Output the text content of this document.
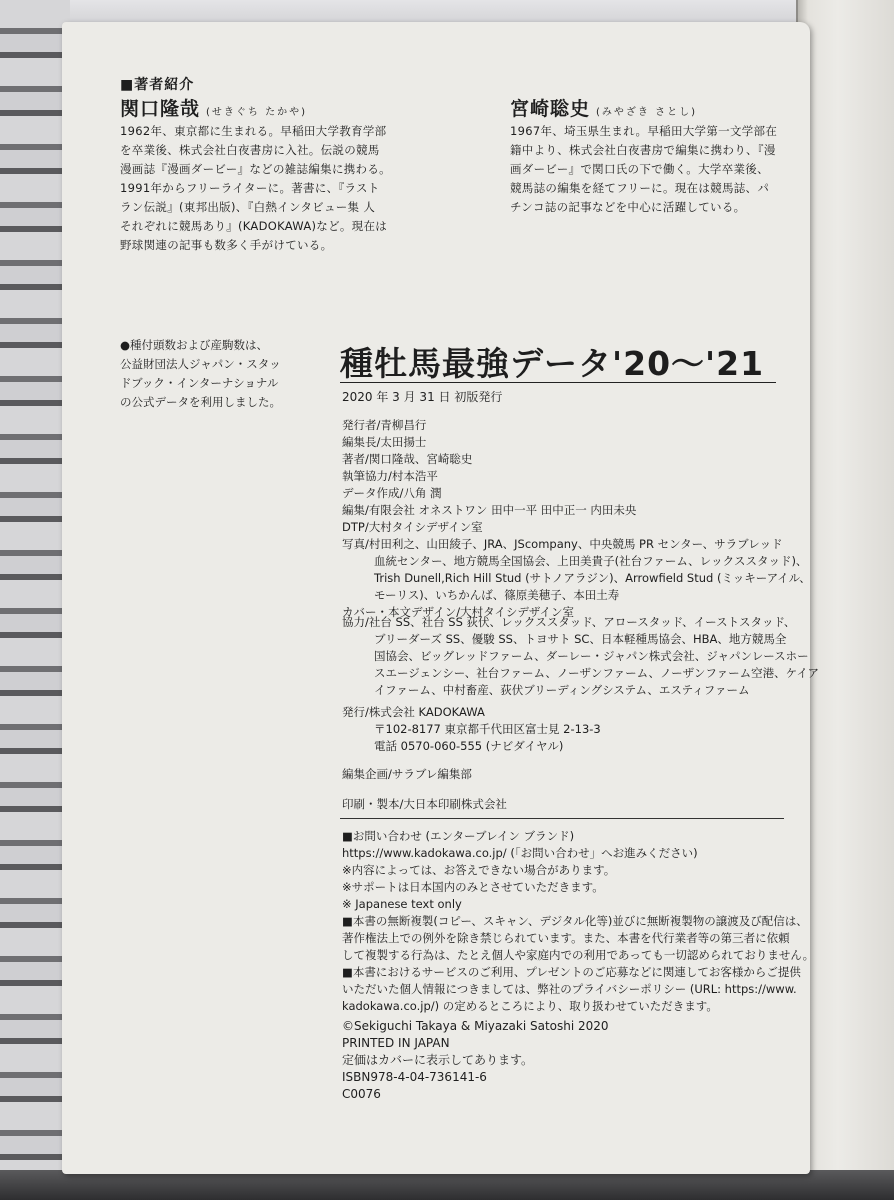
■著者紹介
関口隆哉 (せきぐち たかや)
1962年、東京都に生まれる。早稲田大学教育学部
を卒業後、株式会社白夜書房に入社。伝説の競馬
漫画誌『漫画ダービー』などの雑誌編集に携わる。
1991年からフリーライターに。著書に、『ラスト
ラン伝説』(東邦出版)、『白熱インタビュー集 人
それぞれに競馬あり』(KADOKAWA)など。現在は
野球関連の記事も数多く手がけている。
宮崎聡史 (みやざき さとし)
1967年、埼玉県生まれ。早稲田大学第一文学部在
籍中より、株式会社白夜書房で編集に携わり、『漫
画ダービー』で関口氏の下で働く。大学卒業後、
競馬誌の編集を経てフリーに。現在は競馬誌、パ
チンコ誌の記事などを中心に活躍している。
●種付頭数および産駒数は、
公益財団法人ジャパン・スタッ
ドブック・インターナショナル
の公式データを利用しました。
種牡馬最強データ'20～'21
2020 年 3 月 31 日 初版発行
発行者/青柳昌行
編集長/太田揚士
著者/関口隆哉、宮崎聡史
執筆協力/村本浩平
データ作成/八角 潤
編集/有限会社 オネストワン 田中一平 田中正一 内田未央
DTP/大村タイシデザイン室
写真/村田利之、山田綾子、JRA、JScompany、中央競馬 PR センター、サラブレッド
血統センター、地方競馬全国協会、上田美貴子(社台ファーム、レックススタッド)、
Trish Dunell,Rich Hill Stud (サトノアラジン)、Arrowfield Stud (ミッキーアイル、
モーリス)、いちかんば、篠原美穂子、本田土寿
カバー・本文デザイン/大村タイシデザイン室
協力/社台 SS、社台 SS 荻伏、レックススタッド、アロースタッド、イーストスタッド、
ブリーダーズ SS、優駿 SS、トヨサト SC、日本軽種馬協会、HBA、地方競馬全
国協会、ビッグレッドファーム、ダーレー・ジャパン株式会社、ジャパンレースホー
スエージェンシー、社台ファーム、ノーザンファーム、ノーザンファーム空港、ケイア
イファーム、中村畜産、荻伏ブリーディングシステム、エスティファーム
発行/株式会社 KADOKAWA
〒102-8177 東京都千代田区富士見 2-13-3
電話 0570-060-555 (ナビダイヤル)
編集企画/サラブレ編集部
印刷・製本/大日本印刷株式会社
■お問い合わせ (エンターブレイン ブランド)
https://www.kadokawa.co.jp/ (「お問い合わせ」へお進みください)
※内容によっては、お答えできない場合があります。
※サポートは日本国内のみとさせていただきます。
※ Japanese text only
■本書の無断複製(コピー、スキャン、デジタル化等)並びに無断複製物の譲渡及び配信は、
著作権法上での例外を除き禁じられています。また、本書を代行業者等の第三者に依頼
して複製する行為は、たとえ個人や家庭内での利用であっても一切認められておりません。
■本書におけるサービスのご利用、プレゼントのご応募などに関連してお客様からご提供
いただいた個人情報につきましては、弊社のプライバシーポリシー (URL: https://www.
kadokawa.co.jp/) の定めるところにより、取り扱わせていただきます。
©Sekiguchi Takaya & Miyazaki Satoshi 2020
PRINTED IN JAPAN
定価はカバーに表示してあります。
ISBN978-4-04-736141-6
C0076
